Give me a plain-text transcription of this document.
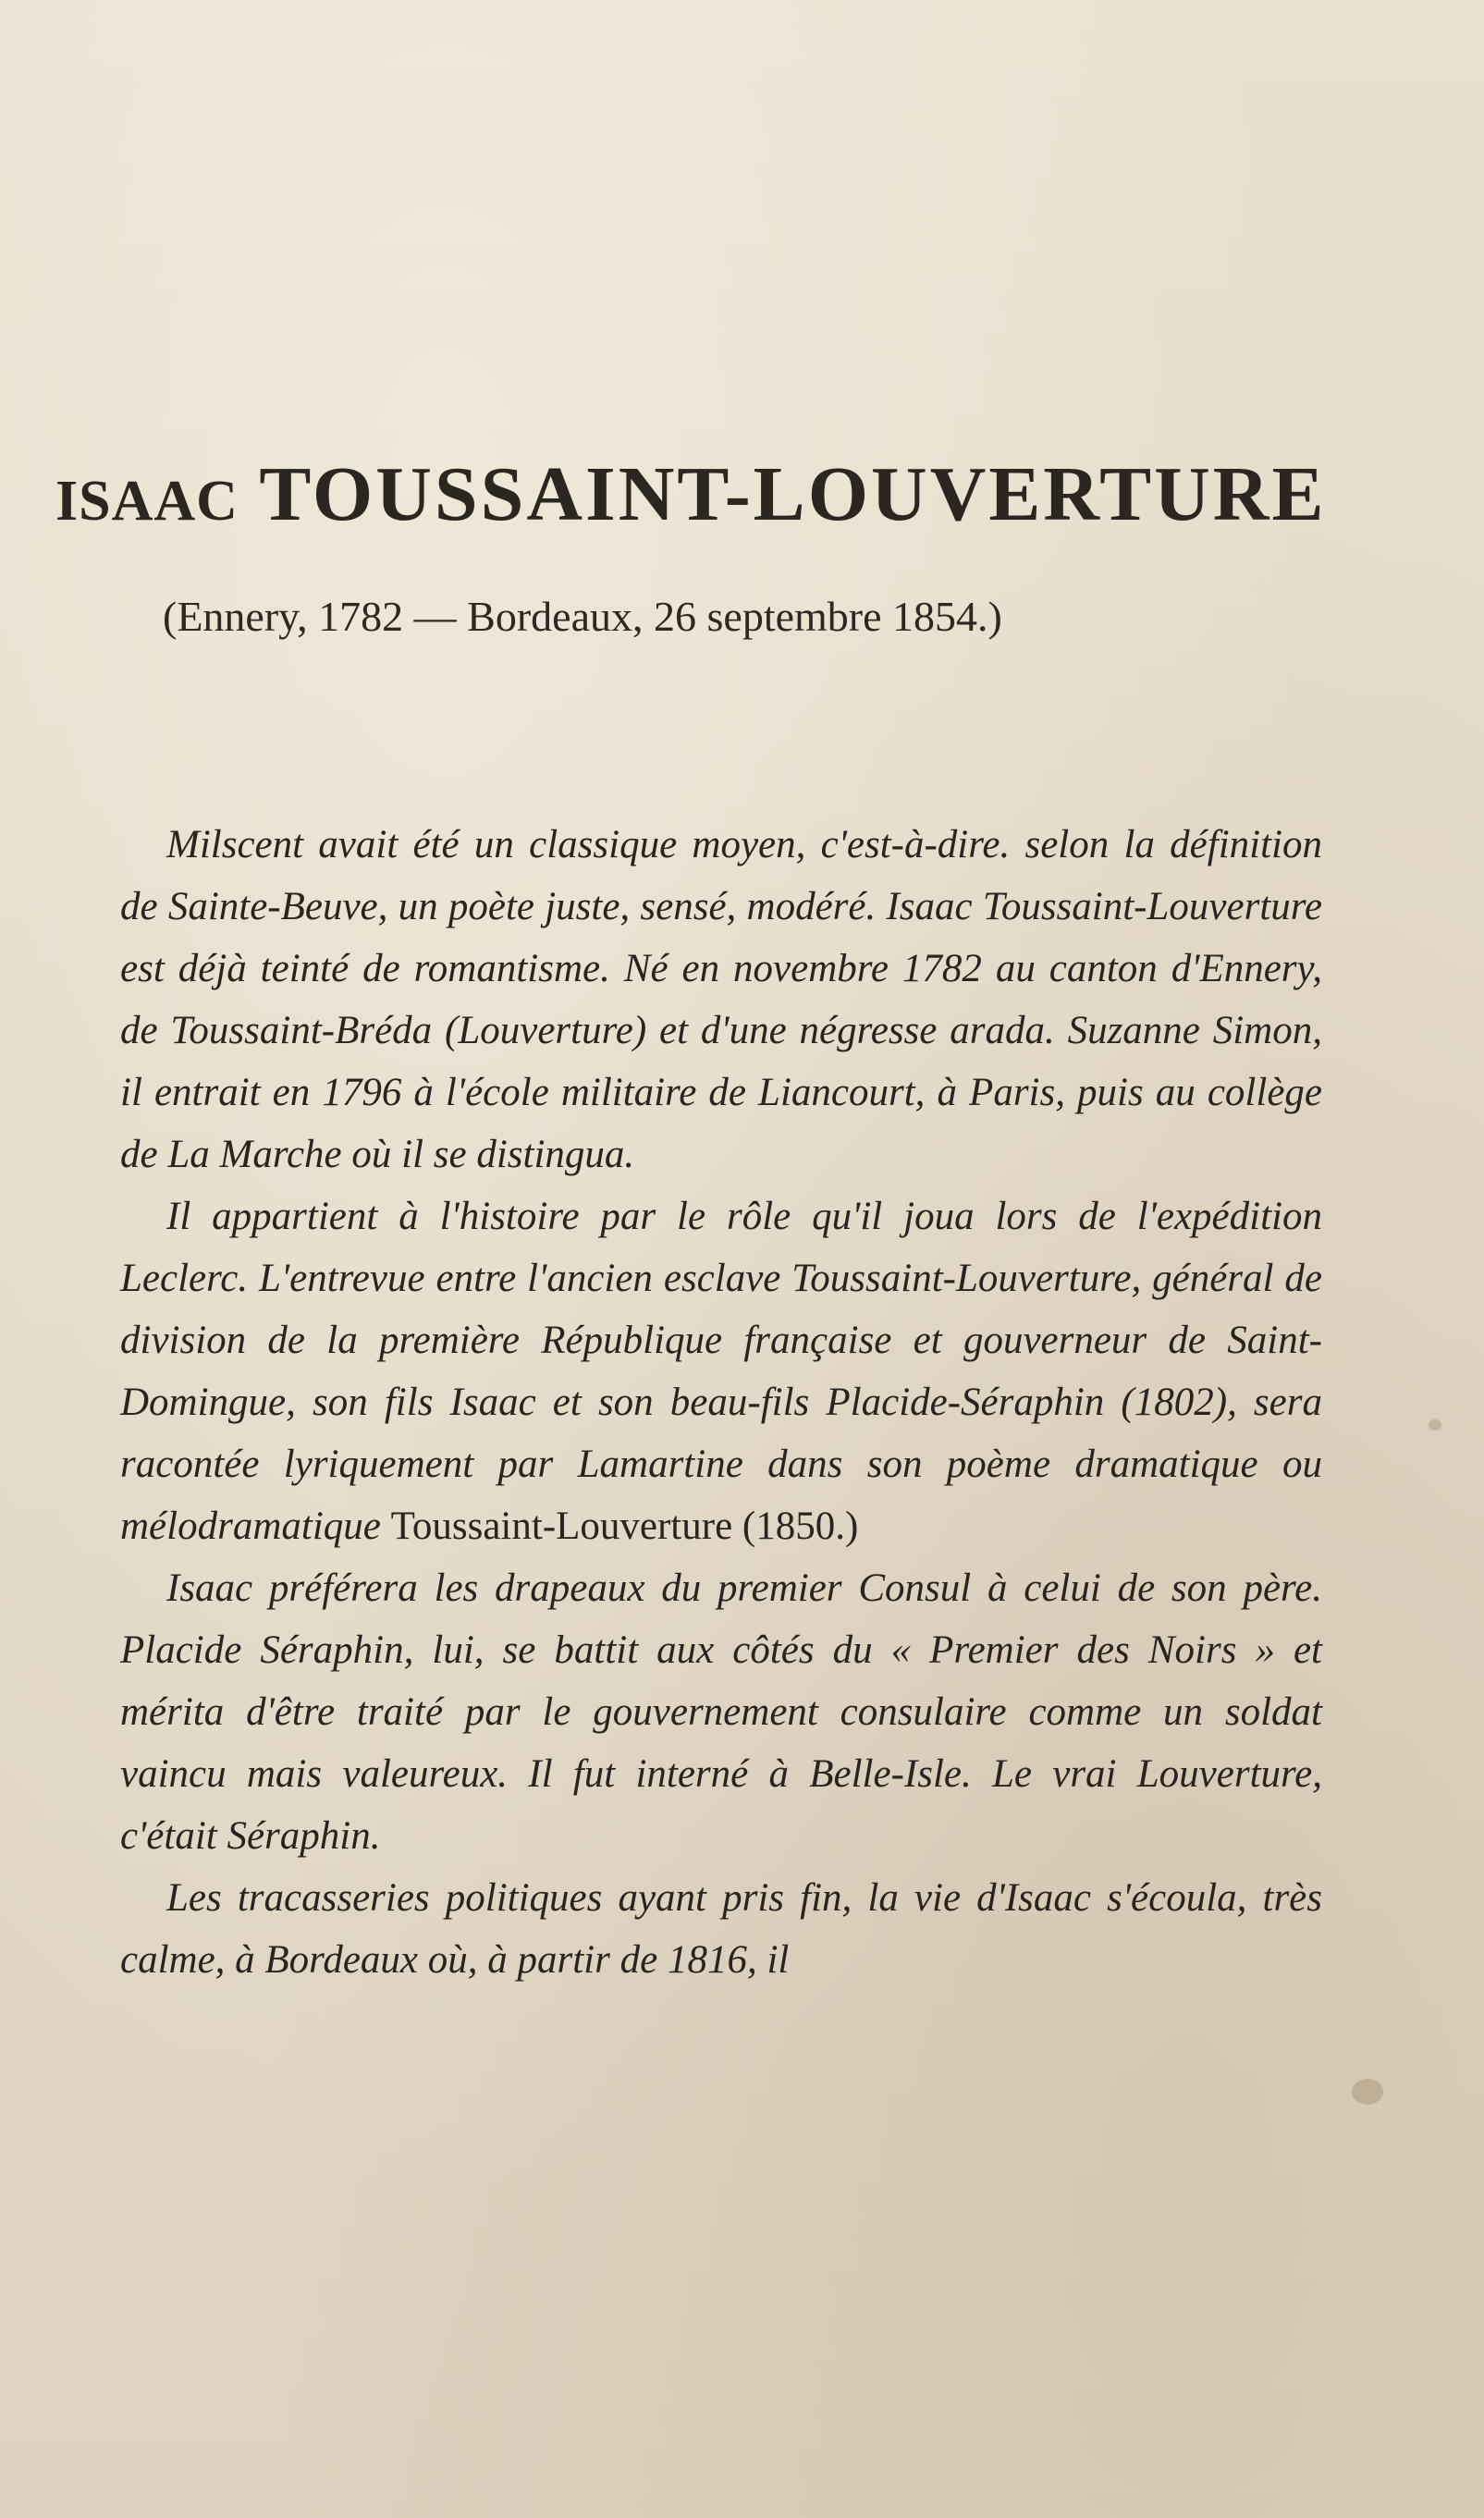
ISAAC TOUSSAINT-LOUVERTURE
(Ennery, 1782 — Bordeaux, 26 septembre 1854.)

Milscent avait été un classique moyen, c'est-à-dire. selon la définition de Sainte-Beuve, un poète juste, sensé, modéré. Isaac Toussaint-Louverture est déjà teinté de romantisme. Né en novembre 1782 au canton d'Ennery, de Toussaint-Bréda (Louverture) et d'une négresse arada. Suzanne Simon, il entrait en 1796 à l'école militaire de Liancourt, à Paris, puis au collège de La Marche où il se distingua.

Il appartient à l'histoire par le rôle qu'il joua lors de l'expédition Leclerc. L'entrevue entre l'ancien esclave Toussaint-Louverture, général de division de la première République française et gouverneur de Saint-Domingue, son fils Isaac et son beau-fils Placide-Séraphin (1802), sera racontée lyriquement par Lamartine dans son poème dramatique ou mélodramatique Toussaint-Louverture (1850.)

Isaac préférera les drapeaux du premier Consul à celui de son père. Placide Séraphin, lui, se battit aux côtés du « Premier des Noirs » et mérita d'être traité par le gouvernement consulaire comme un soldat vaincu mais valeureux. Il fut interné à Belle-Isle. Le vrai Louverture, c'était Séraphin.

Les tracasseries politiques ayant pris fin, la vie d'Isaac s'écoula, très calme, à Bordeaux où, à partir de 1816, il
